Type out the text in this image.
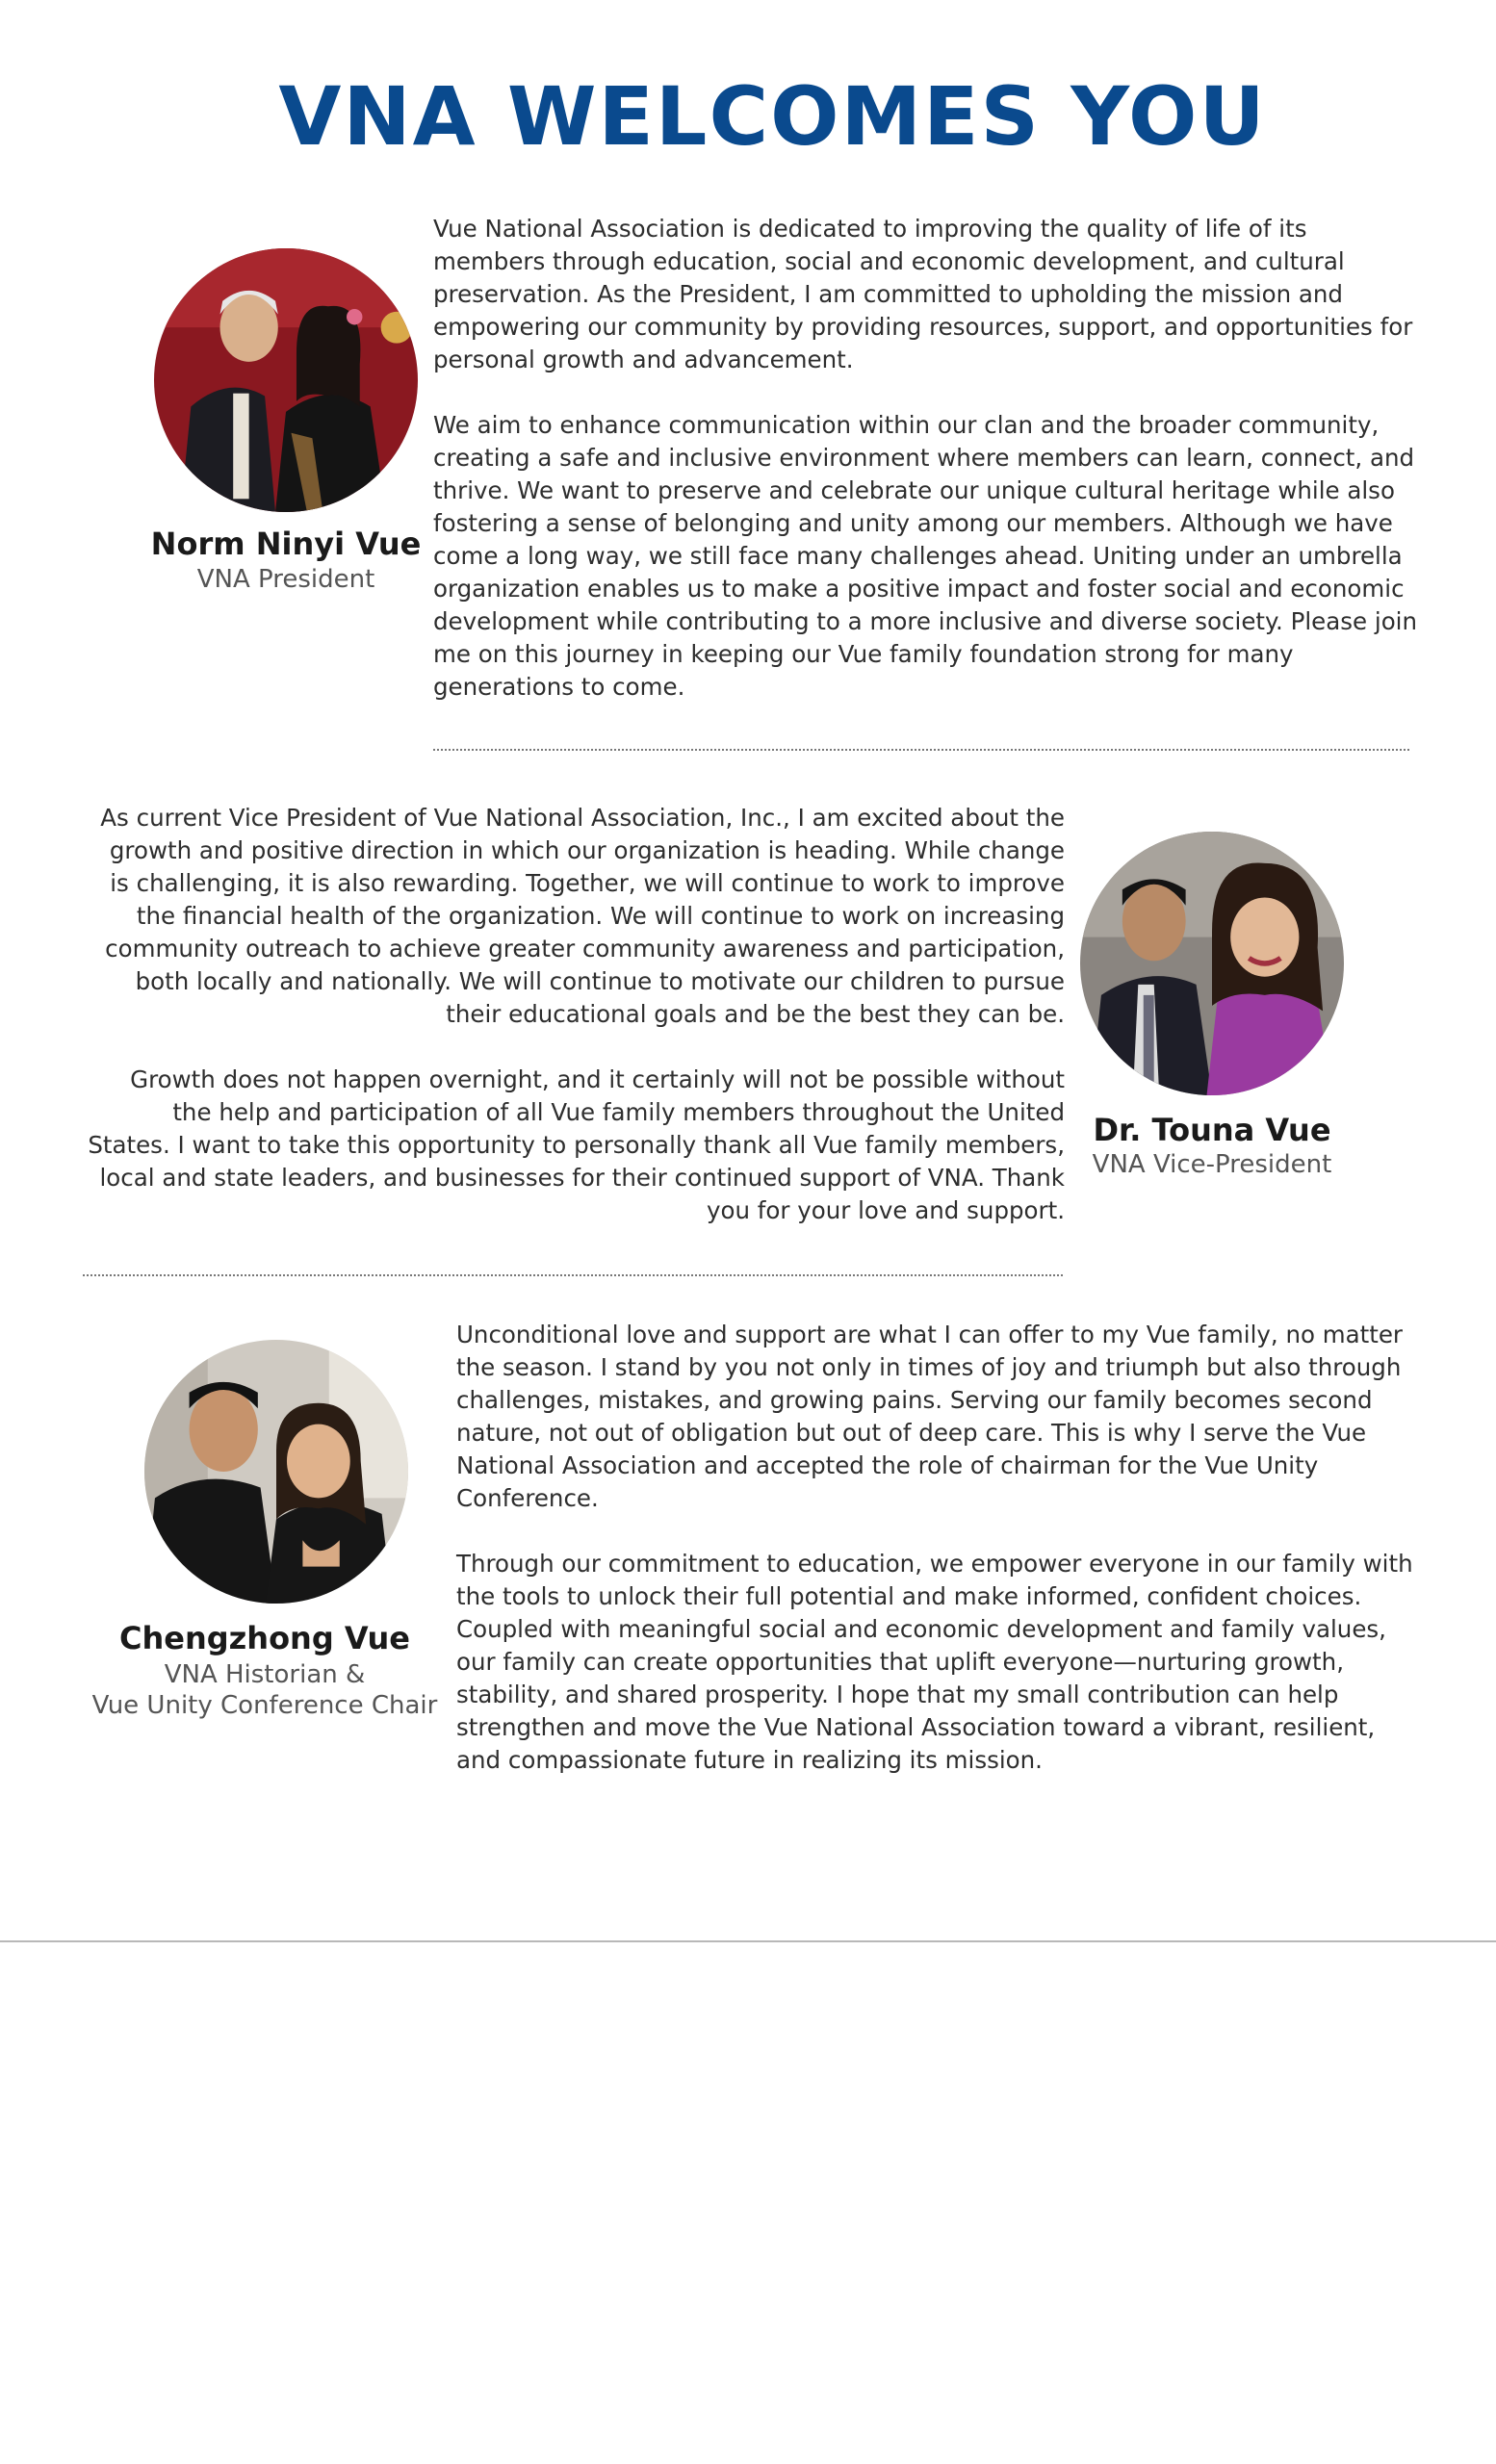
VNA WELCOMES YOU
Norm Ninyi Vue
VNA President

Vue National Association is dedicated to improving the quality of life of its members through education, social and economic development, and cultural preservation. As the President, I am committed to upholding the mission and empowering our community by providing resources, support, and opportunities for personal growth and advancement.

We aim to enhance communication within our clan and the broader community, creating a safe and inclusive environment where members can learn, connect, and thrive. We want to preserve and celebrate our unique cultural heritage while also fostering a sense of belonging and unity among our members. Although we have come a long way, we still face many challenges ahead. Uniting under an umbrella organization enables us to make a positive impact and foster social and economic development while contributing to a more inclusive and diverse society. Please join me on this journey in keeping our Vue family foundation strong for many generations to come.

As current Vice President of Vue National Association, Inc., I am excited about the growth and positive direction in which our organization is heading. While change is challenging, it is also rewarding. Together, we will continue to work to improve the financial health of the organization. We will continue to work on increasing community outreach to achieve greater community awareness and participation, both locally and nationally. We will continue to motivate our children to pursue their educational goals and be the best they can be.

Growth does not happen overnight, and it certainly will not be possible without the help and participation of all Vue family members throughout the United States. I want to take this opportunity to personally thank all Vue family members, local and state leaders, and businesses for their continued support of VNA. Thank you for your love and support.

Dr. Touna Vue
VNA Vice-President
Chengzhong Vue
VNA Historian &
Vue Unity Conference Chair

Unconditional love and support are what I can offer to my Vue family, no matter the season. I stand by you not only in times of joy and triumph but also through challenges, mistakes, and growing pains. Serving our family becomes second nature, not out of obligation but out of deep care. This is why I serve the Vue National Association and accepted the role of chairman for the Vue Unity Conference.

Through our commitment to education, we empower everyone in our family with the tools to unlock their full potential and make informed, confident choices. Coupled with meaningful social and economic development and family values, our family can create opportunities that uplift everyone—nurturing growth, stability, and shared prosperity. I hope that my small contribution can help strengthen and move the Vue National Association toward a vibrant, resilient, and compassionate future in realizing its mission.
